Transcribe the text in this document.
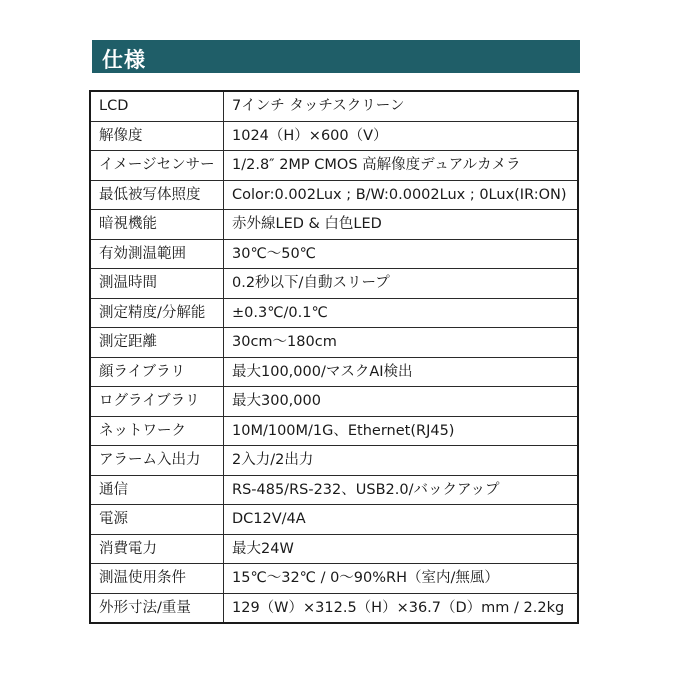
仕様
LCD	7インチ タッチスクリーン
解像度	1024（H）×600（V）
イメージセンサー	1/2.8″ 2MP CMOS 高解像度デュアルカメラ
最低被写体照度	Color:0.002Lux ; B/W:0.0002Lux ; 0Lux(IR:ON)
暗視機能	赤外線LED & 白色LED
有効測温範囲	30℃～50℃
測温時間	0.2秒以下/自動スリープ
測定精度/分解能	±0.3℃/0.1℃
測定距離	30cm～180cm
顔ライブラリ	最大100,000/マスクAI検出
ログライブラリ	最大300,000
ネットワーク	10M/100M/1G、Ethernet(RJ45)
アラーム入出力	2入力/2出力
通信	RS-485/RS-232、USB2.0/バックアップ
電源	DC12V/4A
消費電力	最大24W
測温使用条件	15℃～32℃ / 0～90%RH（室内/無風）
外形寸法/重量	129（W）×312.5（H）×36.7（D）mm / 2.2kg
